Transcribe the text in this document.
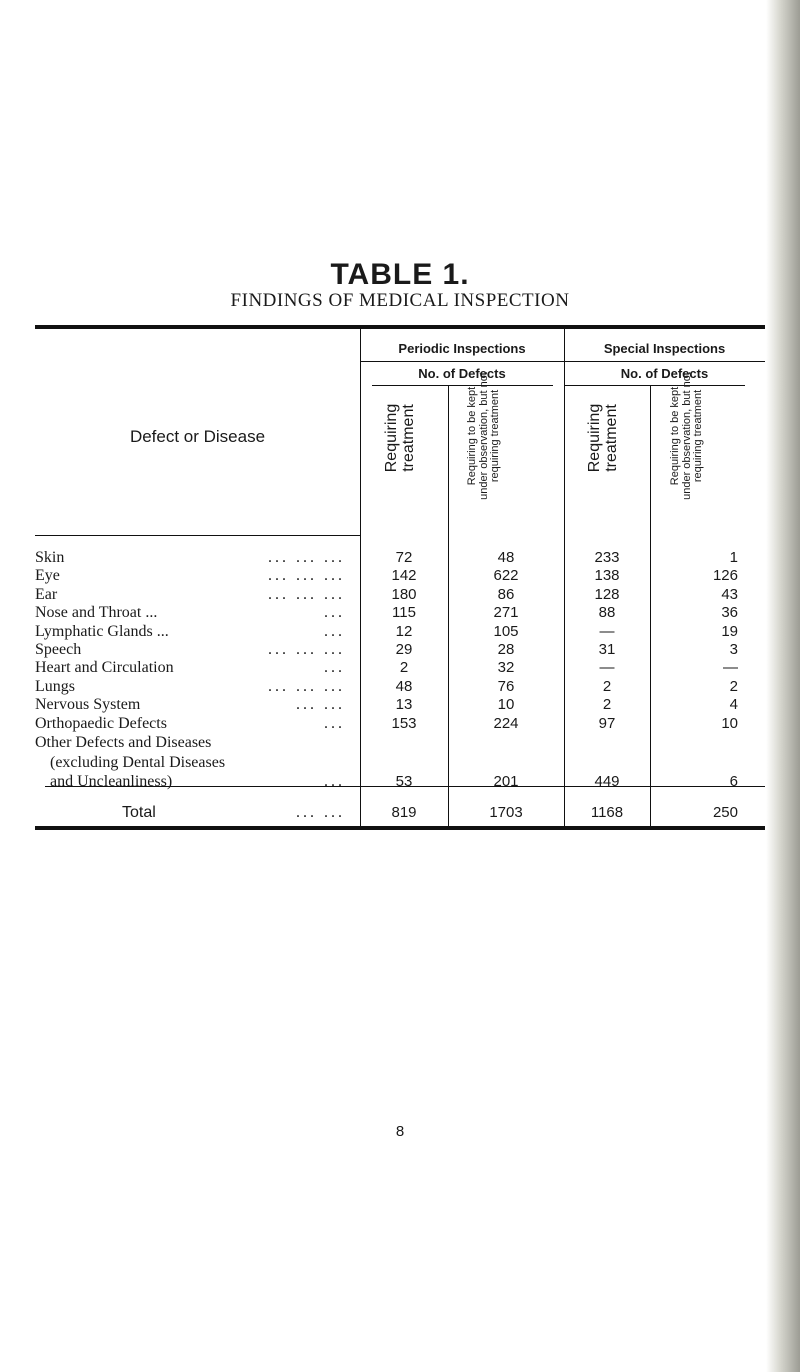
TABLE 1.
FINDINGS OF MEDICAL INSPECTION
Periodic Inspections	Special Inspections
No. of Defects	No. of Defects
Defect or Disease	Requiring treatment	Requiring to be kept under observation, but not requiring treatment	Requiring treatment	Requiring to be kept under observation, but not requiring treatment
Skin	... ... ...	72	48	233	1
Eye	... ... ...	142	622	138	126
Ear	... ... ...	180	86	128	43
Nose and Throat ...	...	115	271	88	36
Lymphatic Glands ...	...	12	105	—	19
Speech	... ... ...	29	28	31	3
Heart and Circulation	...	2	32	—	—
Lungs	... ... ...	48	76	2	2
Nervous System	... ...	13	10	2	4
Orthopaedic Defects	...	153	224	97	10
Other Defects and Diseases
(excluding Dental Diseases
and Uncleanliness)	...	53	201	449	6
Total	... ...	819	1703	1168	250
8
